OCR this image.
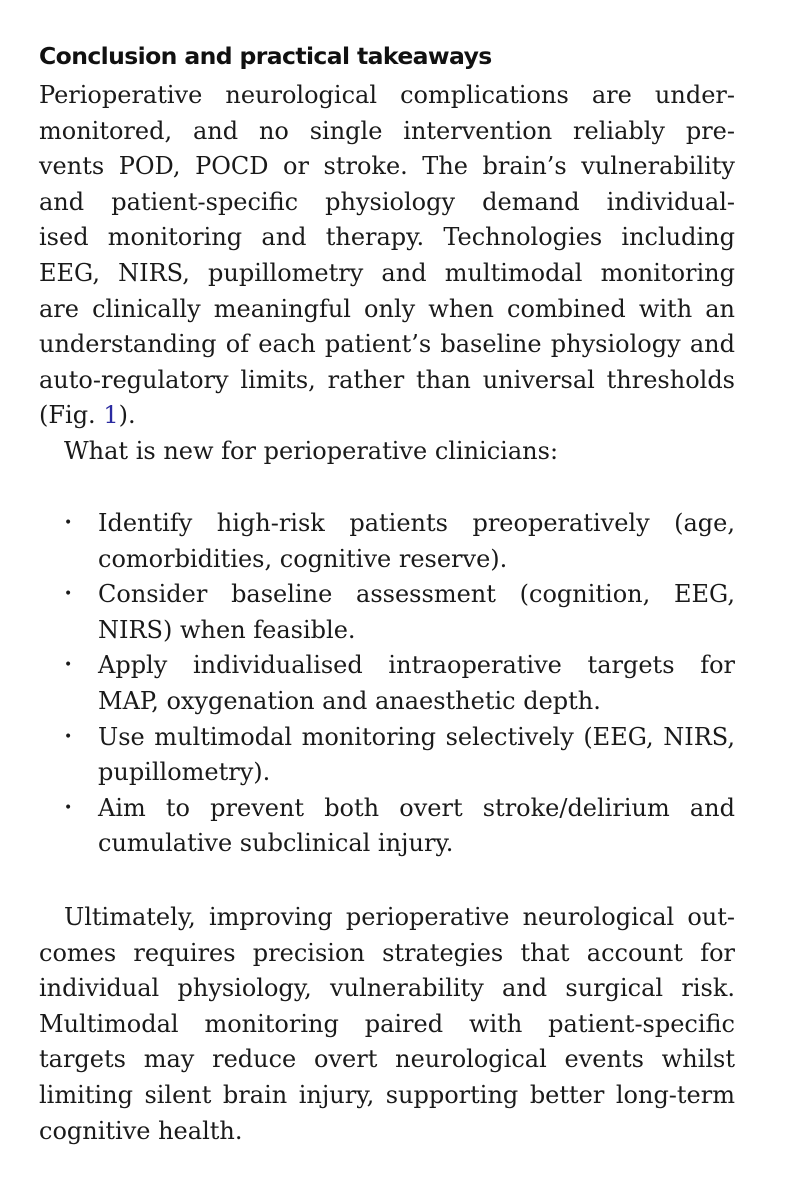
Conclusion and practical takeaways

Perioperative neurological complications are under-
monitored, and no single intervention reliably pre-
vents POD, POCD or stroke. The brain’s vulnerability
and patient-specific physiology demand individual-
ised monitoring and therapy. Technologies including
EEG, NIRS, pupillometry and multimodal monitoring
are clinically meaningful only when combined with an
understanding of each patient’s baseline physiology and
auto-regulatory limits, rather than universal thresholds
(Fig. 1).

What is new for perioperative clinicians:

• Identify high-risk patients preoperatively (age,
comorbidities, cognitive reserve).
• Consider baseline assessment (cognition, EEG,
NIRS) when feasible.
• Apply individualised intraoperative targets for
MAP, oxygenation and anaesthetic depth.
• Use multimodal monitoring selectively (EEG, NIRS,
pupillometry).
• Aim to prevent both overt stroke/delirium and
cumulative subclinical injury.

Ultimately, improving perioperative neurological out-
comes requires precision strategies that account for
individual physiology, vulnerability and surgical risk.
Multimodal monitoring paired with patient-specific
targets may reduce overt neurological events whilst
limiting silent brain injury, supporting better long-term
cognitive health.
